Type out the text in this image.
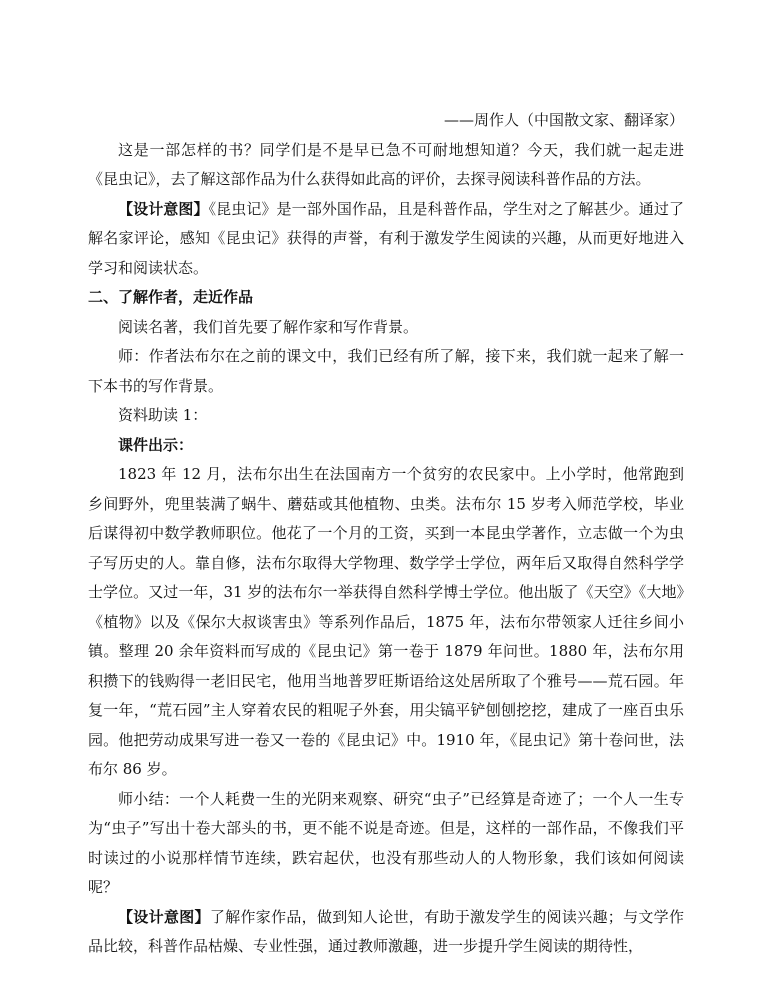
——周作人（中国散文家、翻译家）

这是一部怎样的书？同学们是不是早已急不可耐地想知道？今天，我们就一起走进《昆虫记》，去了解这部作品为什么获得如此高的评价，去探寻阅读科普作品的方法。

【设计意图】《昆虫记》是一部外国作品，且是科普作品，学生对之了解甚少。通过了解名家评论，感知《昆虫记》获得的声誉，有利于激发学生阅读的兴趣，从而更好地进入学习和阅读状态。

二、了解作者，走近作品

阅读名著，我们首先要了解作家和写作背景。

师：作者法布尔在之前的课文中，我们已经有所了解，接下来，我们就一起来了解一下本书的写作背景。

资料助读 1：

课件出示：

1823 年 12 月，法布尔出生在法国南方一个贫穷的农民家中。上小学时，他常跑到乡间野外，兜里装满了蜗牛、蘑菇或其他植物、虫类。法布尔 15 岁考入师范学校，毕业后谋得初中数学教师职位。他花了一个月的工资，买到一本昆虫学著作，立志做一个为虫子写历史的人。靠自修，法布尔取得大学物理、数学学士学位，两年后又取得自然科学学士学位。又过一年，31 岁的法布尔一举获得自然科学博士学位。他出版了《天空》《大地》《植物》以及《保尔大叔谈害虫》等系列作品后，1875 年，法布尔带领家人迁往乡间小镇。整理 20 余年资料而写成的《昆虫记》第一卷于 1879 年问世。1880 年，法布尔用积攒下的钱购得一老旧民宅，他用当地普罗旺斯语给这处居所取了个雅号——荒石园。年复一年，“荒石园”主人穿着农民的粗呢子外套，用尖镐平铲刨刨挖挖，建成了一座百虫乐园。他把劳动成果写进一卷又一卷的《昆虫记》中。1910 年，《昆虫记》第十卷问世，法布尔 86 岁。

师小结：一个人耗费一生的光阴来观察、研究“虫子”已经算是奇迹了；一个人一生专为“虫子”写出十卷大部头的书，更不能不说是奇迹。但是，这样的一部作品，不像我们平时读过的小说那样情节连续，跌宕起伏，也没有那些动人的人物形象，我们该如何阅读呢？

【设计意图】了解作家作品，做到知人论世，有助于激发学生的阅读兴趣；与文学作品比较，科普作品枯燥、专业性强，通过教师激趣，进一步提升学生阅读的期待性，
